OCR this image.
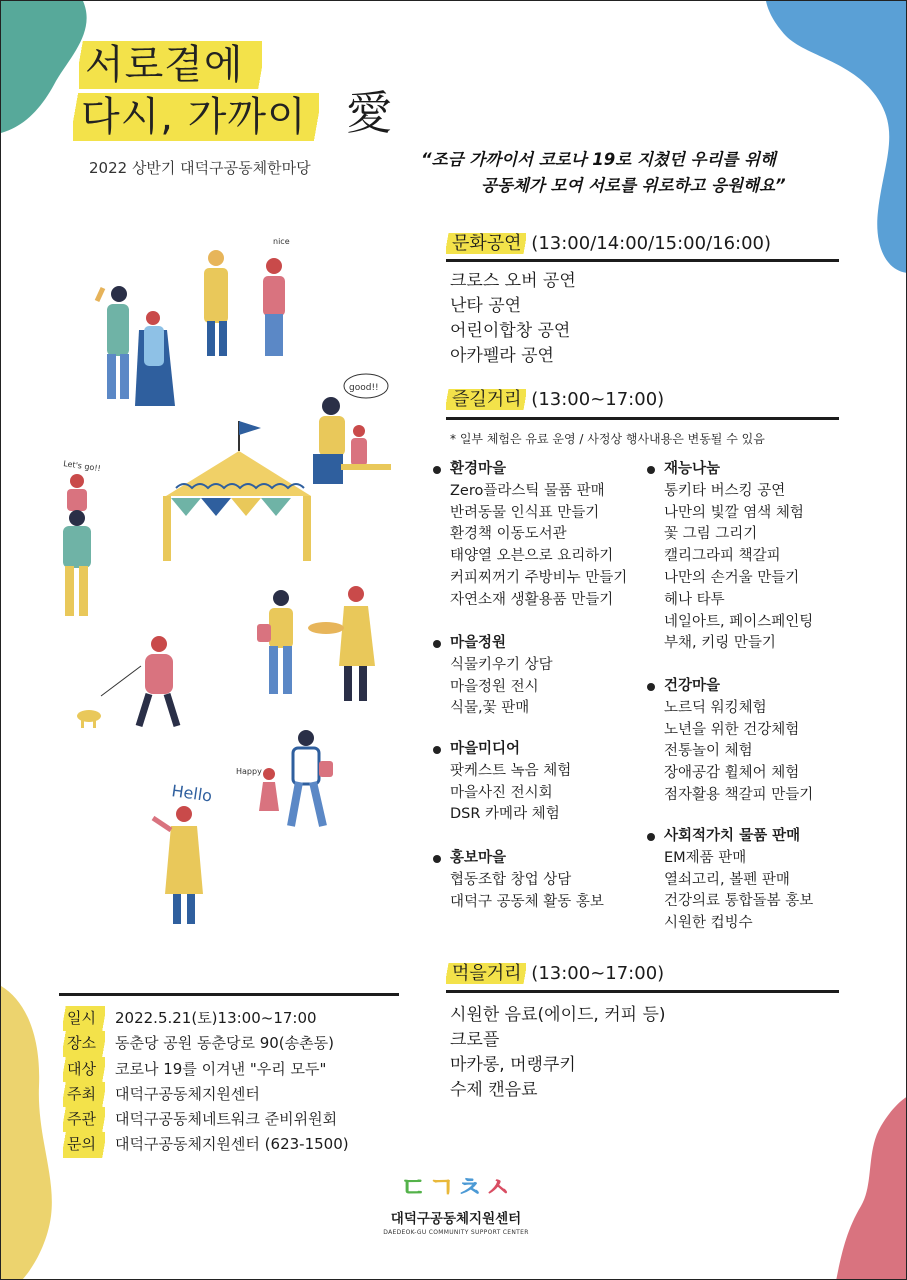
서로곁에
다시, 가까이 愛
2022 상반기 대덕구공동체한마당	“조금 가까이서 코로나 19로 지쳤던 우리를 위해
공동체가 모여 서로를 위로하고 응원해요”
nice
good!!
Let's go!!
Happy
Hello
문화공연 (13:00/14:00/15:00/16:00)
크로스 오버 공연
난타 공연
어린이합창 공연
아카펠라 공연
즐길거리 (13:00~17:00)
* 일부 체험은 유료 운영 / 사정상 행사내용은 변동될 수 있음
환경마을
Zero플라스틱 물품 판매
반려동물 인식표 만들기
환경책 이동도서관
태양열 오븐으로 요리하기
커피찌꺼기 주방비누 만들기
자연소재 생활용품 만들기
마을정원
식물키우기 상담
마을정원 전시
식물,꽃 판매
마을미디어
팟케스트 녹음 체험
마을사진 전시회
DSR 카메라 체험
홍보마을
협동조합 창업 상담
대덕구 공동체 활동 홍보
재능나눔
통키타 버스킹 공연
나만의 빛깔 염색 체험
꽃 그림 그리기
캘리그라피 책갈피
나만의 손거울 만들기
헤나 타투
네일아트, 페이스페인팅
부채, 키링 만들기
건강마을
노르딕 워킹체험
노년을 위한 건강체험
전통놀이 체험
장애공감 휠체어 체험
점자활용 책갈피 만들기
사회적가치 물품 판매
EM제품 판매
열쇠고리, 볼펜 판매
건강의료 통합돌봄 홍보
시원한 컵빙수
먹을거리 (13:00~17:00)
시원한 음료(에이드, 커피 등)
크로플
마카롱, 머랭쿠키
수제 캔음료
일시 2022.5.21(토)13:00~17:00
장소 동춘당 공원 동춘당로 90(송촌동)
대상 코로나 19를 이겨낸 "우리 모두"
주최 대덕구공동체지원센터
주관 대덕구공동체네트워크 준비위원회
문의 대덕구공동체지원센터 (623-1500)
ㄷㄱㅊㅅ
대덕구공동체지원센터
DAEDEOK-GU COMMUNITY SUPPORT CENTER
